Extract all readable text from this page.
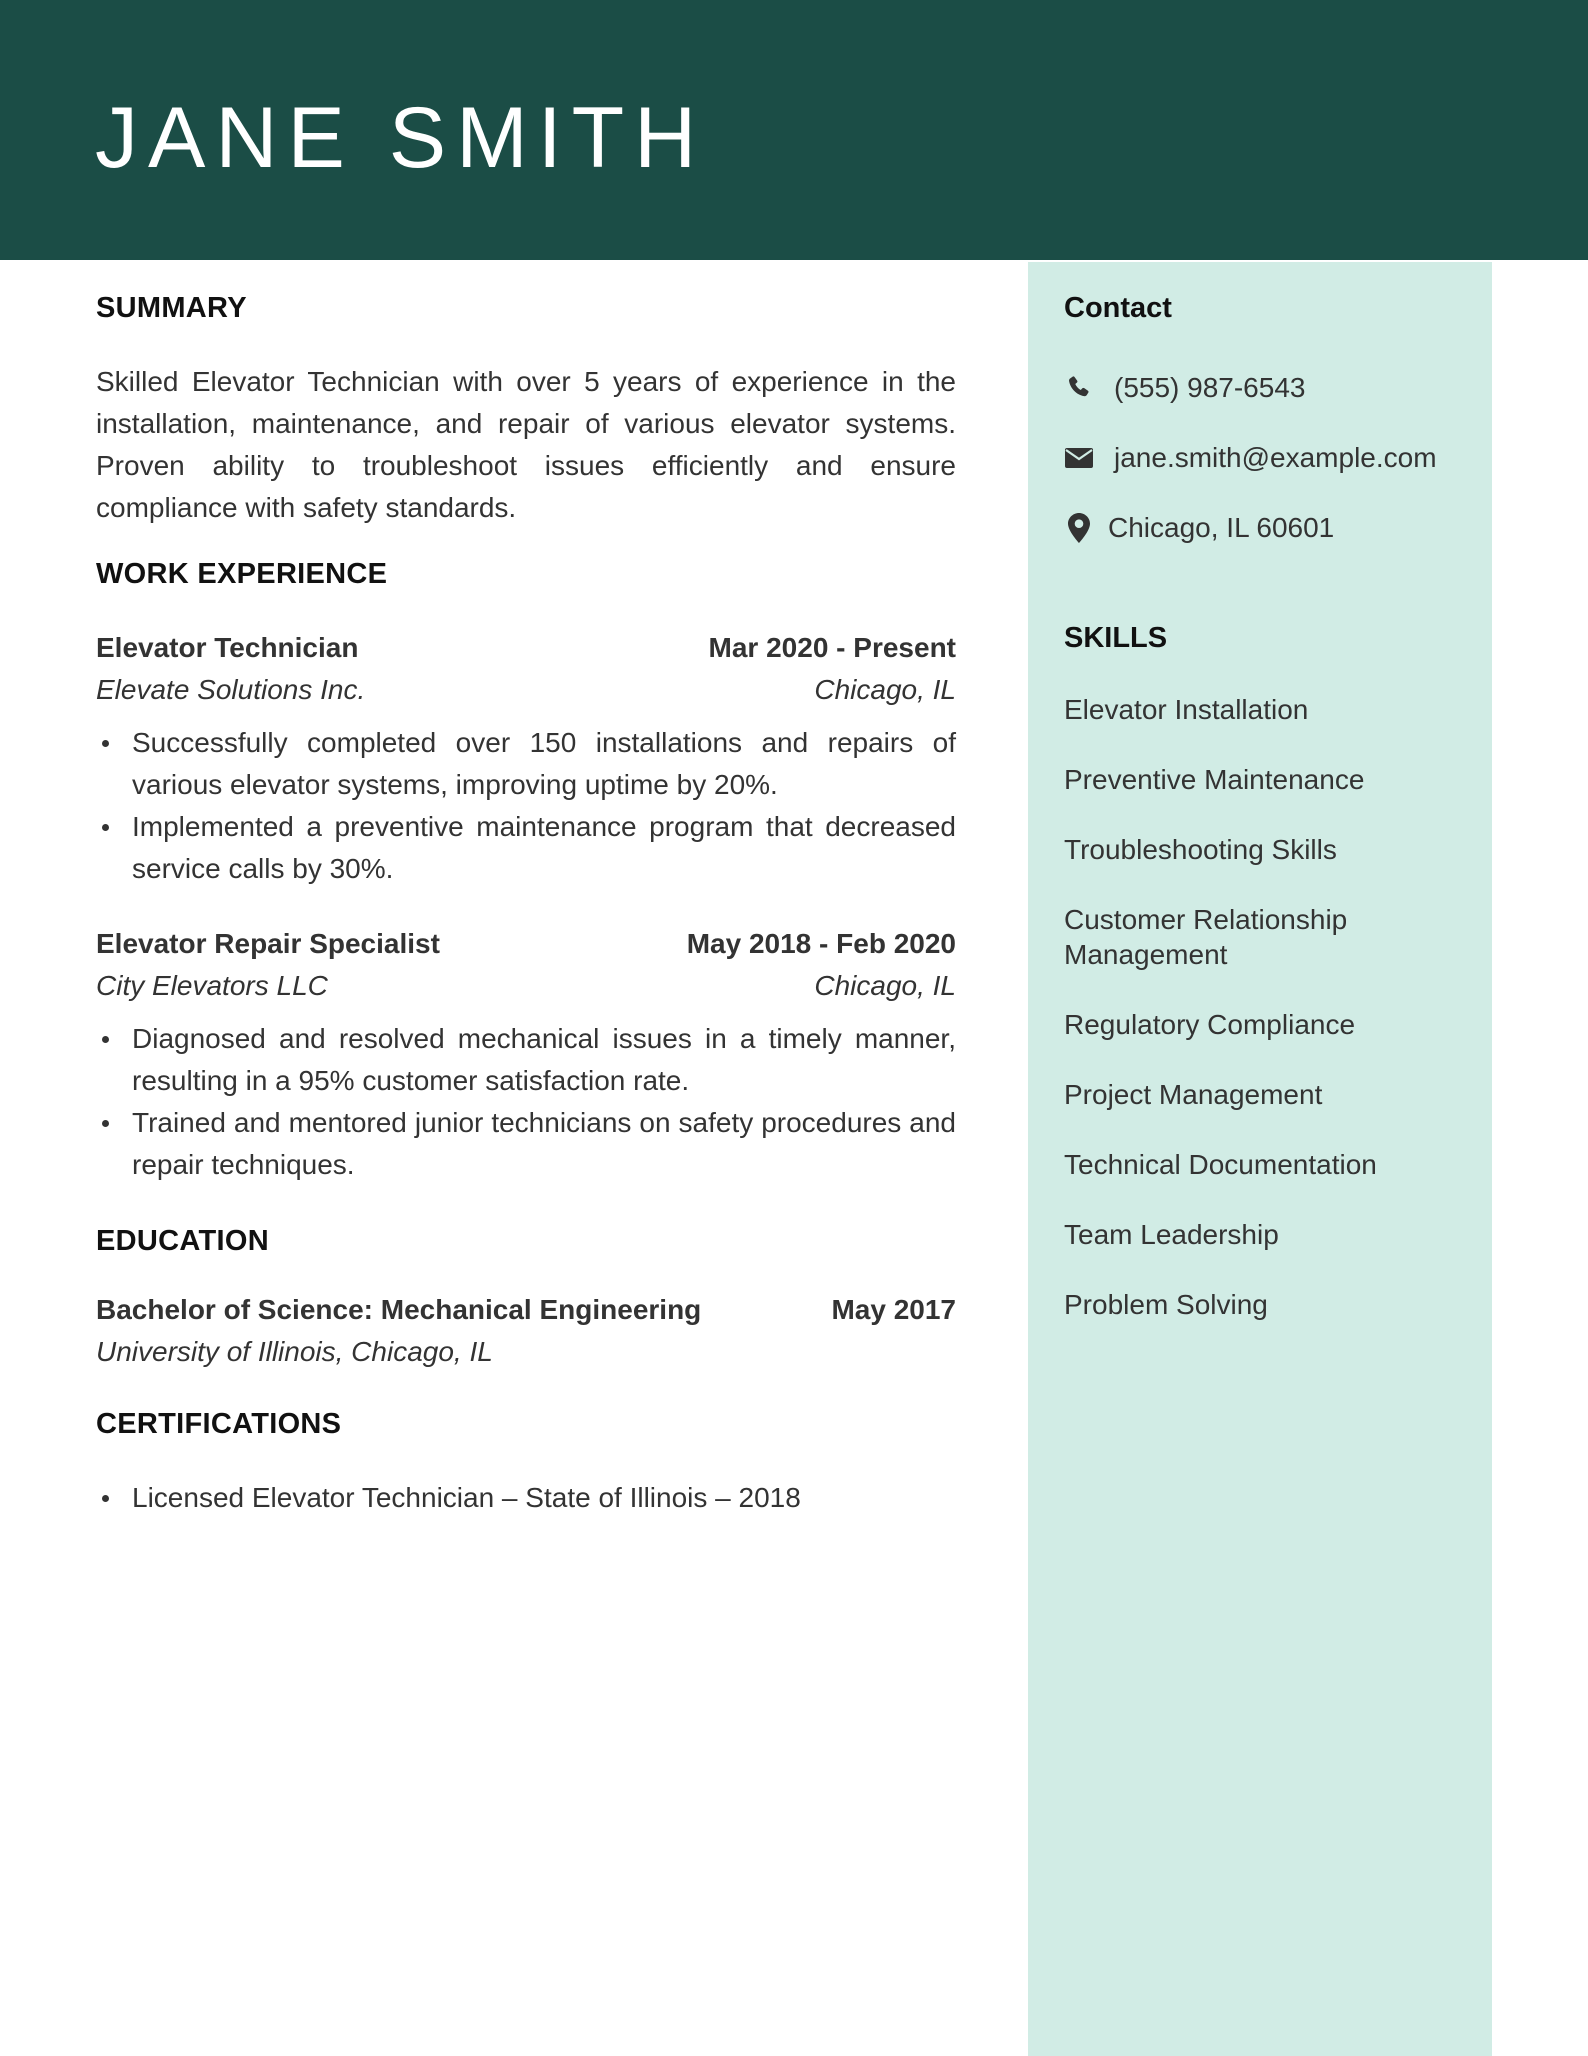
JANE SMITH
SUMMARY
Skilled Elevator Technician with over 5 years of experience in the installation, maintenance, and repair of various elevator systems. Proven ability to troubleshoot issues efficiently and ensure compliance with safety standards.
WORK EXPERIENCE
Elevator Technician	Mar 2020 - Present
Elevate Solutions Inc.	Chicago, IL
Successfully completed over 150 installations and repairs of various elevator systems, improving uptime by 20%.
Implemented a preventive maintenance program that decreased service calls by 30%.
Elevator Repair Specialist	May 2018 - Feb 2020
City Elevators LLC	Chicago, IL
Diagnosed and resolved mechanical issues in a timely manner, resulting in a 95% customer satisfaction rate.
Trained and mentored junior technicians on safety procedures and repair techniques.
EDUCATION
Bachelor of Science: Mechanical Engineering	May 2017
University of Illinois, Chicago, IL
CERTIFICATIONS
Licensed Elevator Technician – State of Illinois – 2018
Contact
(555) 987-6543
jane.smith@example.com
Chicago, IL 60601
SKILLS
Elevator Installation
Preventive Maintenance
Troubleshooting Skills
Customer Relationship Management
Regulatory Compliance
Project Management
Technical Documentation
Team Leadership
Problem Solving
